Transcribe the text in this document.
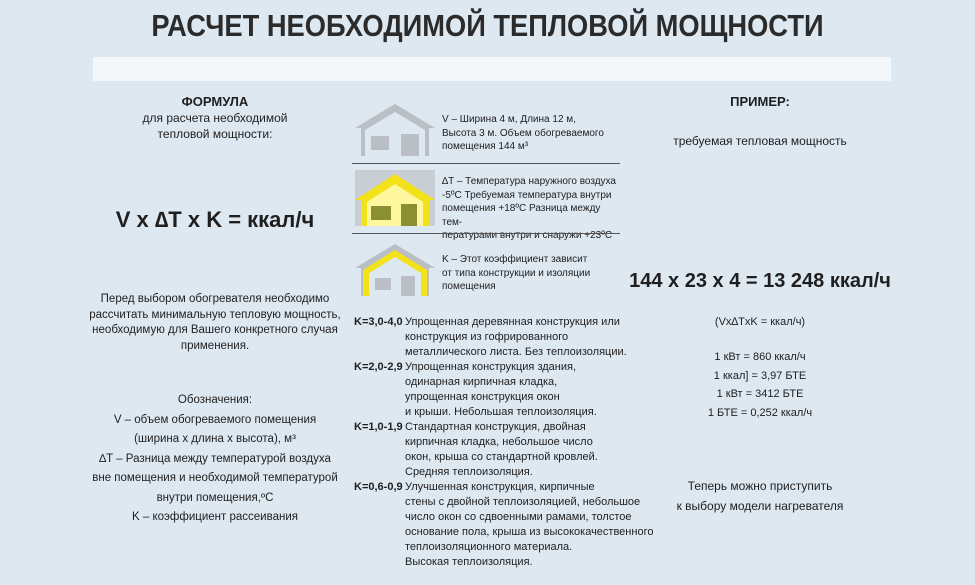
РАСЧЕТ НЕОБХОДИМОЙ ТЕПЛОВОЙ МОЩНОСТИ
ФОРМУЛА
для расчета необходимой
тепловой мощности:
V x ∆T x K = ккал/ч
Перед выбором обогревателя необходимо
рассчитать минимальную тепловую мощность,
необходимую для Вашего конкретного случая
применения.
Обозначения:
V – объем обогреваемого помещения
(ширина х длина х высота), м³
∆T – Разница между температурой воздуха
вне помещения и необходимой температурой
внутри помещения,ºС
K – коэффициент рассеивания
V – Ширина 4 м, Длина 12 м,
Высота 3 м. Объем обогреваемого
помещения 144 м³
∆T – Температура наружного воздуха
-5ºС Требуемая температура внутри
помещения +18ºС Разница между тем-
пературами внутри и снаружи +23ºС
K – Этот коэффициент зависит
от типа конструкции и изоляции
помещения
K=3,0-4,0 Упрощенная деревянная конструкция или
конструкция из гофрированного
металлического листа. Без теплоизоляции.
K=2,0-2,9 Упрощенная конструкция здания,
одинарная кирпичная кладка,
упрощенная конструкция окон
и крыши. Небольшая теплоизоляция.
K=1,0-1,9 Стандартная конструкция, двойная
кирпичная кладка, небольшое число
окон, крыша со стандартной кровлей.
Средняя теплоизоляция.
K=0,6-0,9 Улучшенная конструкция, кирпичные
стены с двойной теплоизоляцией, небольшое
число окон со сдвоенными рамами, толстое
основание пола, крыша из высококачественного
теплоизоляционного материала.
Высокая теплоизоляция.
ПРИМЕР:
требуемая тепловая мощность
144 x 23 x 4 = 13 248 ккал/ч
(Vx∆TxK = ккал/ч)
1 кВт = 860 ккал/ч
1 ккал] = 3,97 БТЕ
1 кВт = 3412 БТЕ
1 БТЕ = 0,252 ккал/ч
Теперь можно приступить
к выбору модели нагревателя
